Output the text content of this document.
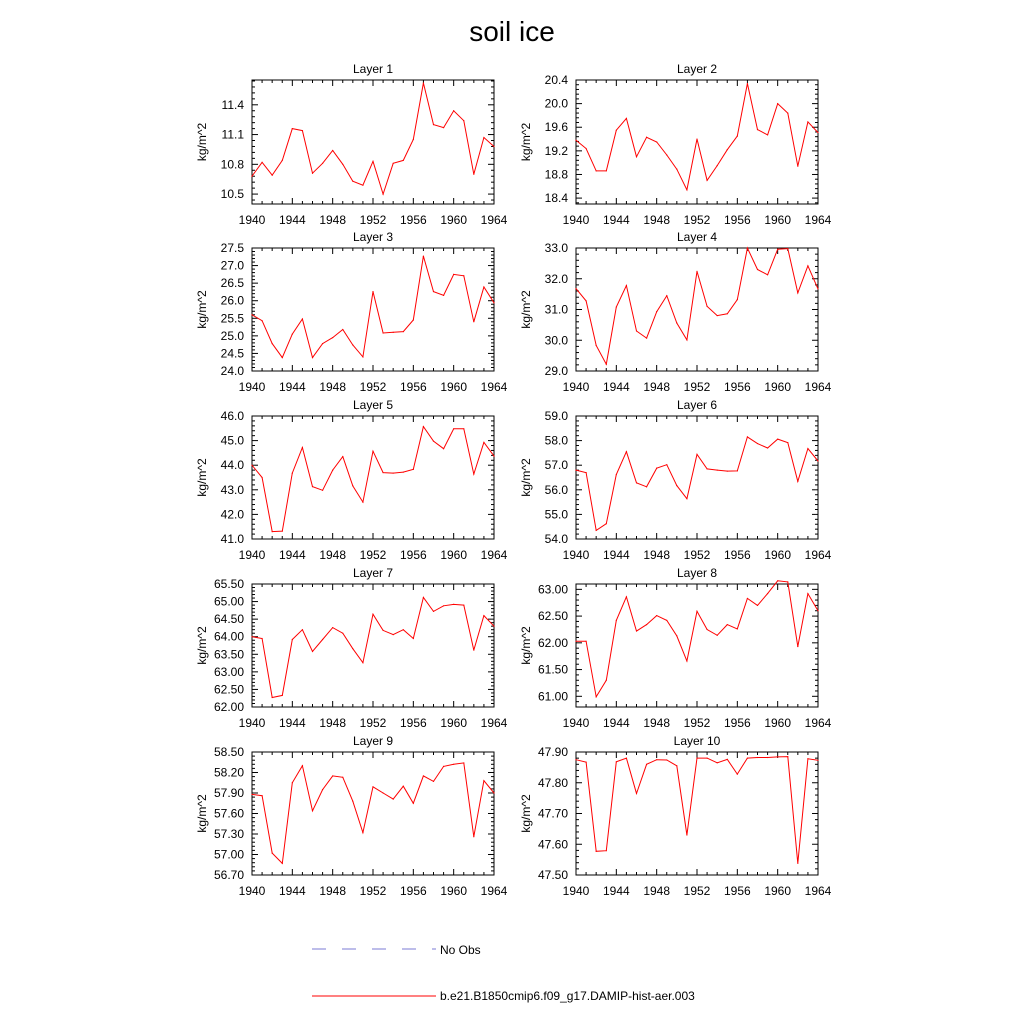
soil ice
1940 1944 1948 1952 1956 1960 1964
10.5
10.8
11.1
11.4
Layer 1
kg/m^2
1940 1944 1948 1952 1956 1960 1964
18.4
18.8
19.2
19.6
20.0
20.4
Layer 2
kg/m^2
1940 1944 1948 1952 1956 1960 1964
24.0
24.5
25.0
25.5
26.0
26.5
27.0
27.5
Layer 3
kg/m^2
1940 1944 1948 1952 1956 1960 1964
29.0
30.0
31.0
32.0
33.0
Layer 4
kg/m^2
1940 1944 1948 1952 1956 1960 1964
41.0
42.0
43.0
44.0
45.0
46.0
Layer 5
kg/m^2
1940 1944 1948 1952 1956 1960 1964
54.0
55.0
56.0
57.0
58.0
59.0
Layer 6
kg/m^2
1940 1944 1948 1952 1956 1960 1964
62.00
62.50
63.00
63.50
64.00
64.50
65.00
65.50
Layer 7
kg/m^2
1940 1944 1948 1952 1956 1960 1964
61.00
61.50
62.00
62.50
63.00
Layer 8
kg/m^2
1940 1944 1948 1952 1956 1960 1964
56.70
57.00
57.30
57.60
57.90
58.20
58.50
Layer 9
kg/m^2
1940 1944 1948 1952 1956 1960 1964
47.50
47.60
47.70
47.80
47.90
Layer 10
kg/m^2
No Obs
b.e21.B1850cmip6.f09_g17.DAMIP-hist-aer.003
